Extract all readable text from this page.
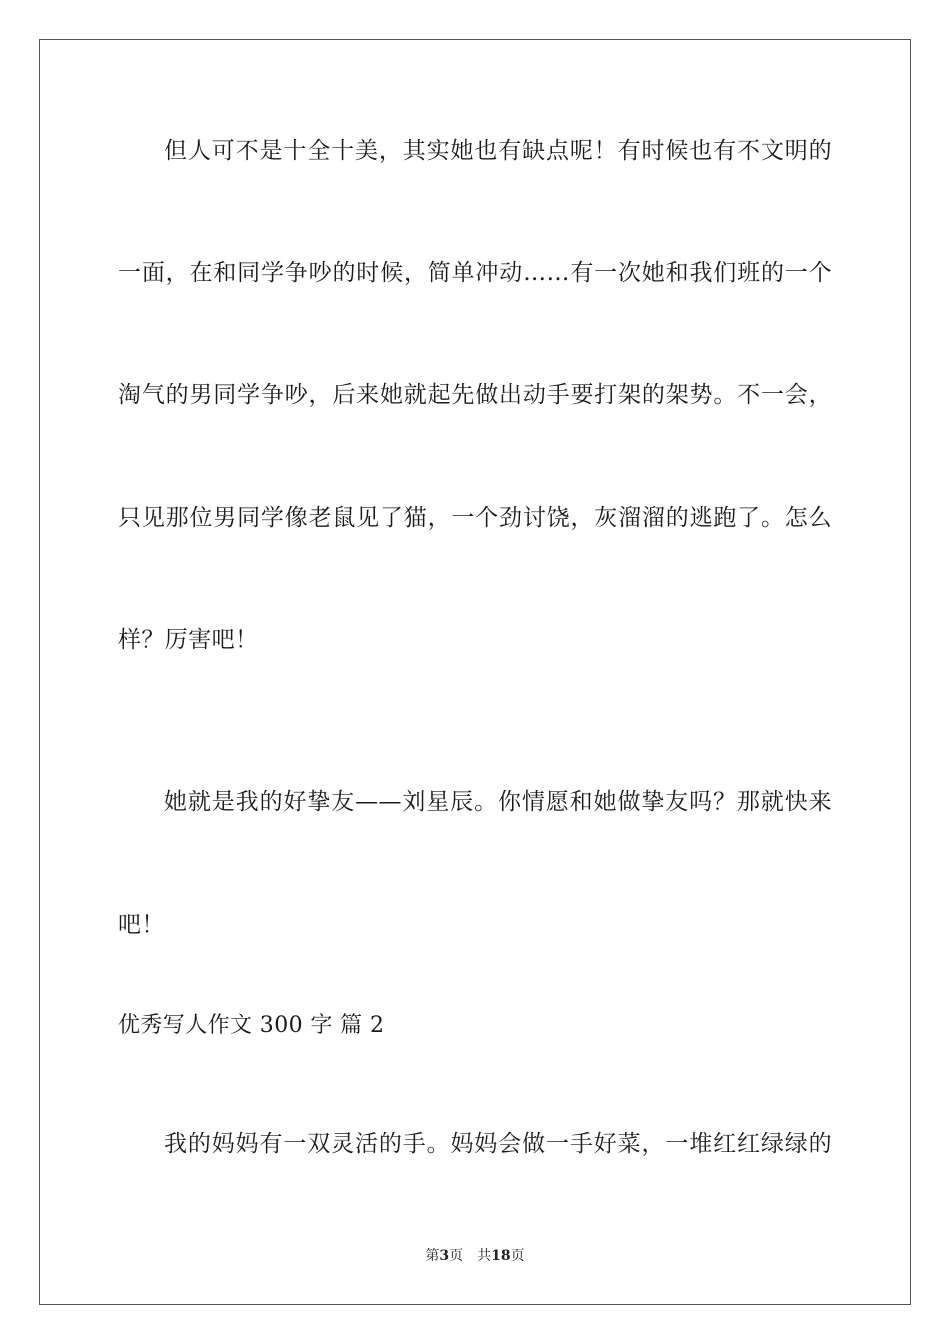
但人可不是十全十美，其实她也有缺点呢！有时候也有不文明的
一面，在和同学争吵的时候，简单冲动……有一次她和我们班的一个
淘气的男同学争吵，后来她就起先做出动手要打架的架势。不一会，
只见那位男同学像老鼠见了猫，一个劲讨饶，灰溜溜的逃跑了。怎么
样？厉害吧！
她就是我的好挚友——刘星辰。你情愿和她做挚友吗？那就快来
吧！
优秀写人作文 300 字 篇 2
我的妈妈有一双灵活的手。妈妈会做一手好菜，一堆红红绿绿的
第3页 共18页
